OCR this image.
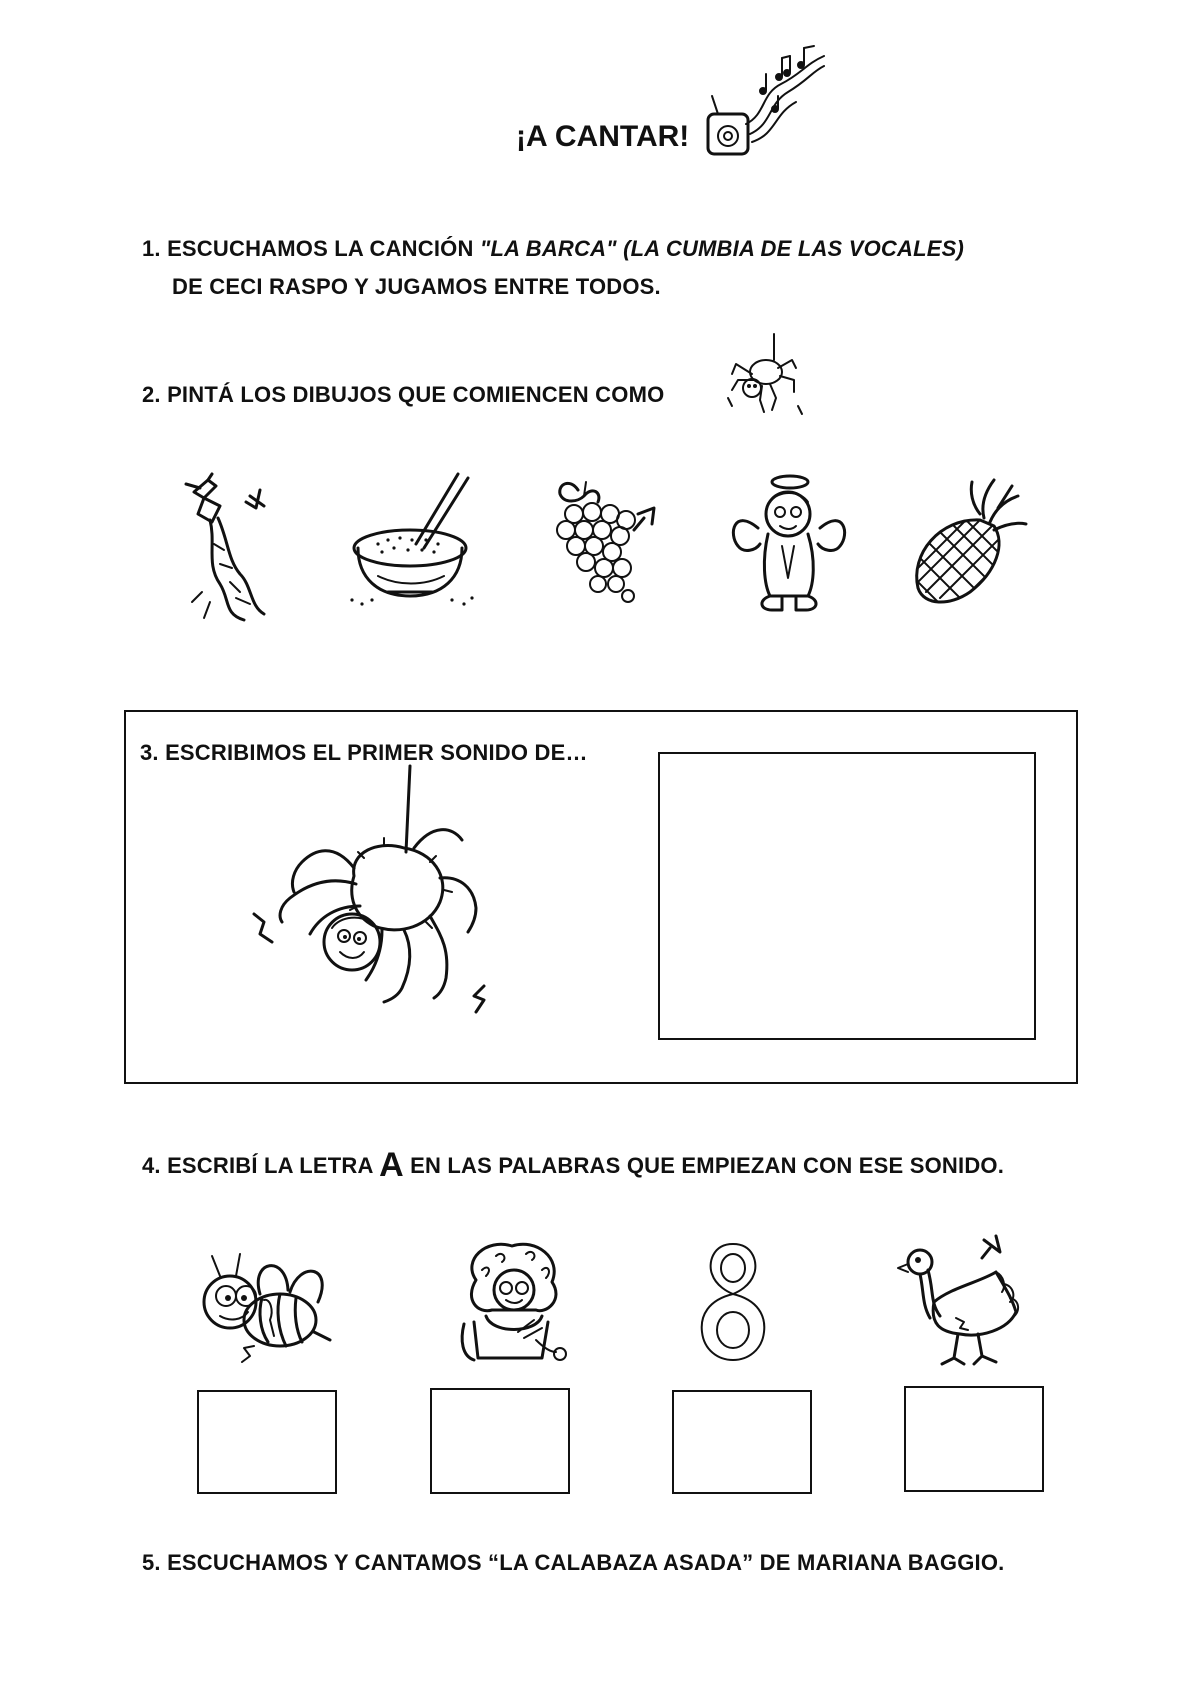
¡A CANTAR!
1. ESCUCHAMOS LA CANCIÓN "LA BARCA" (LA CUMBIA DE LAS VOCALES)
DE CECI RASPO Y JUGAMOS ENTRE TODOS.
2. PINTÁ LOS DIBUJOS QUE COMIENCEN COMO
3. ESCRIBIMOS EL PRIMER SONIDO DE…
4. ESCRIBÍ LA LETRA A EN LAS PALABRAS QUE EMPIEZAN CON ESE SONIDO.
5. ESCUCHAMOS Y CANTAMOS “LA CALABAZA ASADA” DE MARIANA BAGGIO.
